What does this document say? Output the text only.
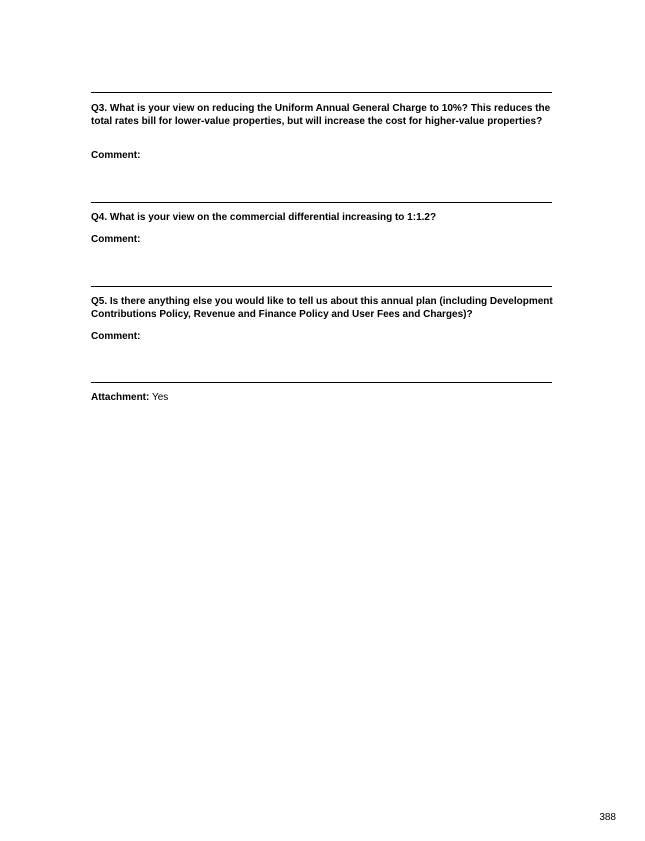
Q3. What is your view on reducing the Uniform Annual General Charge to 10%? This reduces the total rates bill for lower-value properties, but will increase the cost for higher-value properties?

Comment:

Q4. What is your view on the commercial differential increasing to 1:1.2?

Comment:

Q5. Is there anything else you would like to tell us about this annual plan (including Development Contributions Policy, Revenue and Finance Policy and User Fees and Charges)?

Comment:

Attachment: Yes

388
